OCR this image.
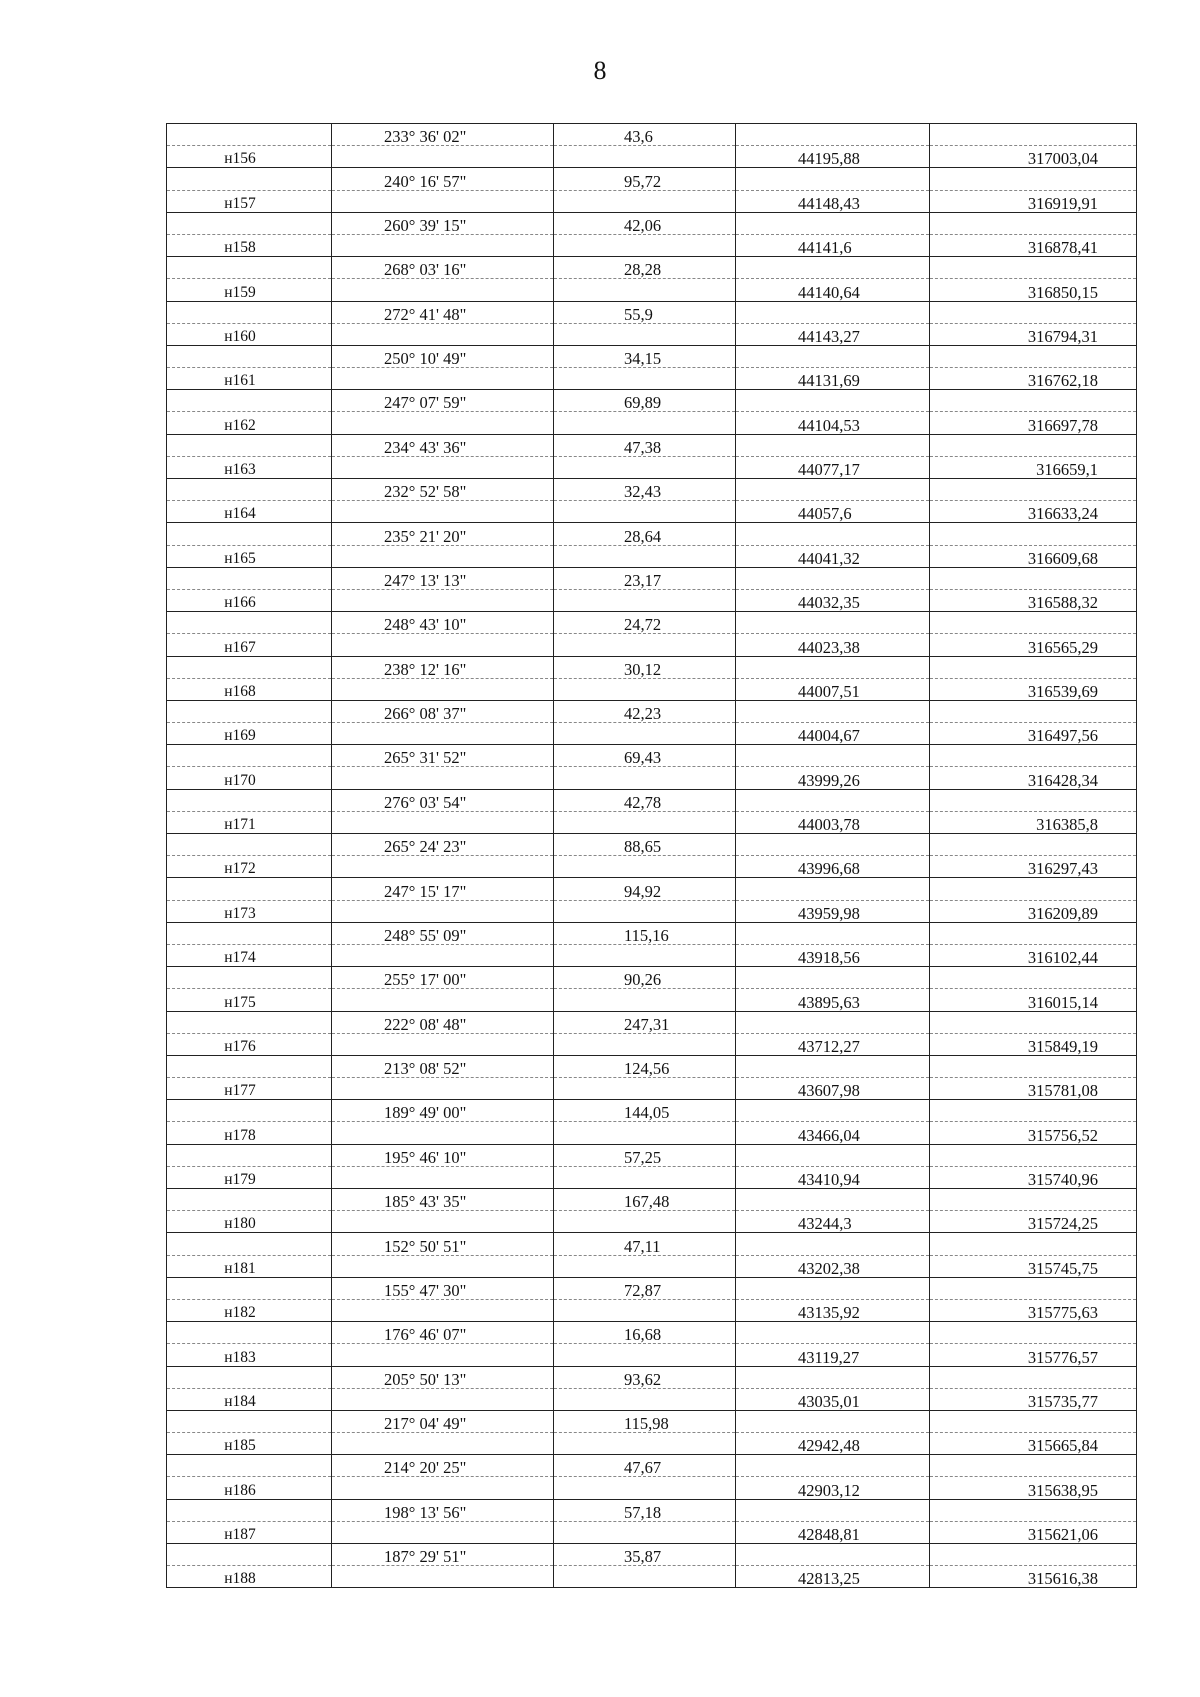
8
	233° 36' 02"	43,6		
н156			44195,88	317003,04
	240° 16' 57"	95,72		
н157			44148,43	316919,91
	260° 39' 15"	42,06		
н158			44141,6	316878,41
	268° 03' 16"	28,28		
н159			44140,64	316850,15
	272° 41' 48"	55,9		
н160			44143,27	316794,31
	250° 10' 49"	34,15		
н161			44131,69	316762,18
	247° 07' 59"	69,89		
н162			44104,53	316697,78
	234° 43' 36"	47,38		
н163			44077,17	316659,1
	232° 52' 58"	32,43		
н164			44057,6	316633,24
	235° 21' 20"	28,64		
н165			44041,32	316609,68
	247° 13' 13"	23,17		
н166			44032,35	316588,32
	248° 43' 10"	24,72		
н167			44023,38	316565,29
	238° 12' 16"	30,12		
н168			44007,51	316539,69
	266° 08' 37"	42,23		
н169			44004,67	316497,56
	265° 31' 52"	69,43		
н170			43999,26	316428,34
	276° 03' 54"	42,78		
н171			44003,78	316385,8
	265° 24' 23"	88,65		
н172			43996,68	316297,43
	247° 15' 17"	94,92		
н173			43959,98	316209,89
	248° 55' 09"	115,16		
н174			43918,56	316102,44
	255° 17' 00"	90,26		
н175			43895,63	316015,14
	222° 08' 48"	247,31		
н176			43712,27	315849,19
	213° 08' 52"	124,56		
н177			43607,98	315781,08
	189° 49' 00"	144,05		
н178			43466,04	315756,52
	195° 46' 10"	57,25		
н179			43410,94	315740,96
	185° 43' 35"	167,48		
н180			43244,3	315724,25
	152° 50' 51"	47,11		
н181			43202,38	315745,75
	155° 47' 30"	72,87		
н182			43135,92	315775,63
	176° 46' 07"	16,68		
н183			43119,27	315776,57
	205° 50' 13"	93,62		
н184			43035,01	315735,77
	217° 04' 49"	115,98		
н185			42942,48	315665,84
	214° 20' 25"	47,67		
н186			42903,12	315638,95
	198° 13' 56"	57,18		
н187			42848,81	315621,06
	187° 29' 51"	35,87		
н188			42813,25	315616,38
